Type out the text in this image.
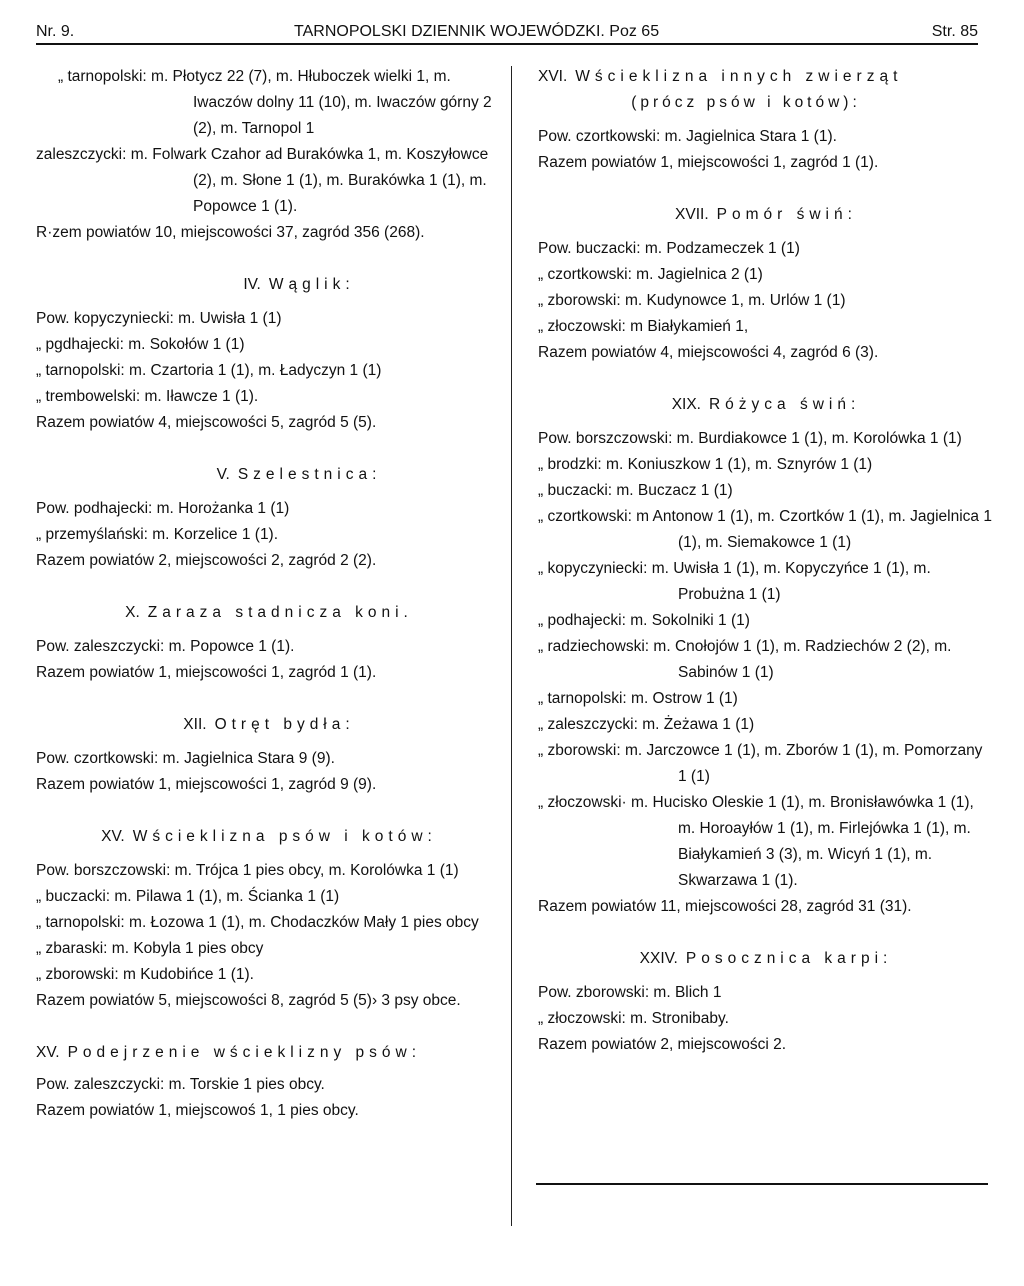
Nr. 9.	TARNOPOLSKI DZIENNIK WOJEWÓDZKI. Poz 65	Str. 85

„ tarnopolski: m. Płotycz 22 (7), m. Hłuboczek wielki 1, m. Iwaczów dolny 11 (10), m. Iwaczów górny 2 (2), m. Tarnopol 1

zaleszczycki: m. Folwark Czahor ad Burakówka 1, m. Koszyłowce (2), m. Słone 1 (1), m. Burakówka 1 (1), m. Popowce 1 (1).

R·zem powiatów 10, miejscowości 37, zagród 356 (268).

IV. Wąglik:

Pow. kopyczyniecki: m. Uwisła 1 (1)

„ pgdhajecki: m. Sokołów 1 (1)

„ tarnopolski: m. Czartoria 1 (1), m. Ładyczyn 1 (1)

„ trembowelski: m. Iławcze 1 (1).

Razem powiatów 4, miejscowości 5, zagród 5 (5).

V. Szelestnica:

Pow. podhajecki: m. Horożanka 1 (1)

„ przemyślański: m. Korzelice 1 (1).

Razem powiatów 2, miejscowości 2, zagród 2 (2).

X. Zaraza stadnicza koni.

Pow. zaleszczycki: m. Popowce 1 (1).

Razem powiatów 1, miejscowości 1, zagród 1 (1).

XII. Otręt bydła:

Pow. czortkowski: m. Jagielnica Stara 9 (9).

Razem powiatów 1, miejscowości 1, zagród 9 (9).

XV. Wścieklizna psów i kotów:

Pow. borszczowski: m. Trójca 1 pies obcy, m. Korolówka 1 (1)

„ buczacki: m. Pilawa 1 (1), m. Ścianka 1 (1)

„ tarnopolski: m. Łozowa 1 (1), m. Chodaczków Mały 1 pies obcy

„ zbaraski: m. Kobyla 1 pies obcy

„ zborowski: m Kudobińce 1 (1).

Razem powiatów 5, miejscowości 8, zagród 5 (5)› 3 psy obce.

XV. Podejrzenie wścieklizny psów:

Pow. zaleszczycki: m. Torskie 1 pies obcy.

Razem powiatów 1, miejscowoś 1, 1 pies obcy.

XVI. Wścieklizna innych zwierząt

(prócz psów i kotów):

Pow. czortkowski: m. Jagielnica Stara 1 (1).

Razem powiatów 1, miejscowości 1, zagród 1 (1).

XVII. Pomór świń:

Pow. buczacki: m. Podzameczek 1 (1)

„ czortkowski: m. Jagielnica 2 (1)

„ zborowski: m. Kudynowce 1, m. Urlów 1 (1)

„ złoczowski: m Białykamień 1,

Razem powiatów 4, miejscowości 4, zagród 6 (3).

XIX. Różyca świń:

Pow. borszczowski: m. Burdiakowce 1 (1), m. Korolówka 1 (1)

„ brodzki: m. Koniuszkow 1 (1), m. Sznyrów 1 (1)

„ buczacki: m. Buczacz 1 (1)

„ czortkowski: m Antonow 1 (1), m. Czortków 1 (1), m. Jagielnica 1 (1), m. Siemakowce 1 (1)

„ kopyczyniecki: m. Uwisła 1 (1), m. Kopyczyńce 1 (1), m. Probużna 1 (1)

„ podhajecki: m. Sokolniki 1 (1)

„ radziechowski: m. Cnołojów 1 (1), m. Radziechów 2 (2), m. Sabinów 1 (1)

„ tarnopolski: m. Ostrow 1 (1)

„ zaleszczycki: m. Żeżawa 1 (1)

„ zborowski: m. Jarczowce 1 (1), m. Zborów 1 (1), m. Pomorzany 1 (1)

„ złoczowski· m. Hucisko Oleskie 1 (1), m. Bronisławówka 1 (1), m. Horoayłów 1 (1), m. Firlejówka 1 (1), m. Białykamień 3 (3), m. Wicyń 1 (1), m. Skwarzawa 1 (1).

Razem powiatów 11, miejscowości 28, zagród 31 (31).

XXIV. Posocznica karpi:

Pow. zborowski: m. Blich 1

„ złoczowski: m. Stronibaby.

Razem powiatów 2, miejscowości 2.
